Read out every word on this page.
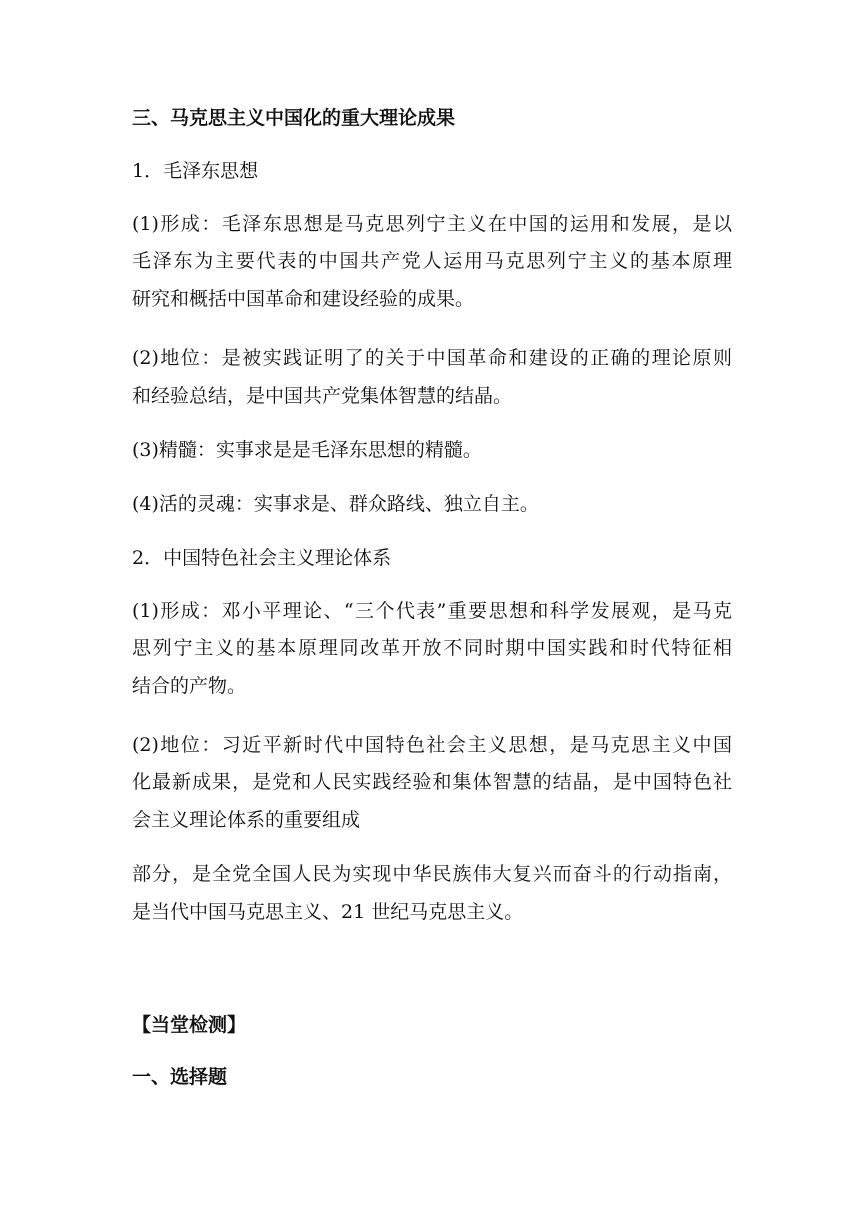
三、马克思主义中国化的重大理论成果
1．毛泽东思想
(1)形成：毛泽东思想是马克思列宁主义在中国的运用和发展，是以
毛泽东为主要代表的中国共产党人运用马克思列宁主义的基本原理
研究和概括中国革命和建设经验的成果。
(2)地位：是被实践证明了的关于中国革命和建设的正确的理论原则
和经验总结，是中国共产党集体智慧的结晶。
(3)精髓：实事求是是毛泽东思想的精髓。
(4)活的灵魂：实事求是、群众路线、独立自主。
2．中国特色社会主义理论体系
(1)形成：邓小平理论、“三个代表”重要思想和科学发展观，是马克
思列宁主义的基本原理同改革开放不同时期中国实践和时代特征相
结合的产物。
(2)地位：习近平新时代中国特色社会主义思想，是马克思主义中国
化最新成果，是党和人民实践经验和集体智慧的结晶，是中国特色社
会主义理论体系的重要组成
部分，是全党全国人民为实现中华民族伟大复兴而奋斗的行动指南，
是当代中国马克思主义、21 世纪马克思主义。
【当堂检测】
一、选择题
